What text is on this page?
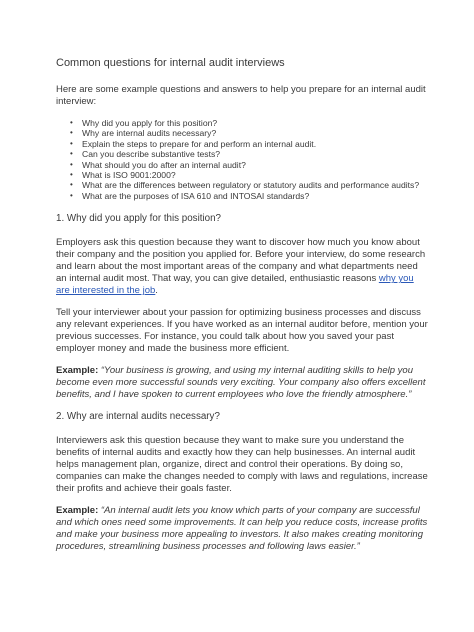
Common questions for internal audit interviews
Here are some example questions and answers to help you prepare for an internal audit interview:
• Why did you apply for this position?
• Why are internal audits necessary?
• Explain the steps to prepare for and perform an internal audit.
• Can you describe substantive tests?
• What should you do after an internal audit?
• What is ISO 9001:2000?
• What are the differences between regulatory or statutory audits and performance audits?
• What are the purposes of ISA 610 and INTOSAI standards?
1. Why did you apply for this position?
Employers ask this question because they want to discover how much you know about their company and the position you applied for. Before your interview, do some research and learn about the most important areas of the company and what departments need an internal audit most. That way, you can give detailed, enthusiastic reasons why you are interested in the job.
Tell your interviewer about your passion for optimizing business processes and discuss any relevant experiences. If you have worked as an internal auditor before, mention your previous successes. For instance, you could talk about how you saved your past employer money and made the business more efficient.
Example: “Your business is growing, and using my internal auditing skills to help you become even more successful sounds very exciting. Your company also offers excellent benefits, and I have spoken to current employees who love the friendly atmosphere.”
2. Why are internal audits necessary?
Interviewers ask this question because they want to make sure you understand the benefits of internal audits and exactly how they can help businesses. An internal audit helps management plan, organize, direct and control their operations. By doing so, companies can make the changes needed to comply with laws and regulations, increase their profits and achieve their goals faster.
Example: “An internal audit lets you know which parts of your company are successful and which ones need some improvements. It can help you reduce costs, increase profits and make your business more appealing to investors. It also makes creating monitoring procedures, streamlining business processes and following laws easier.”
